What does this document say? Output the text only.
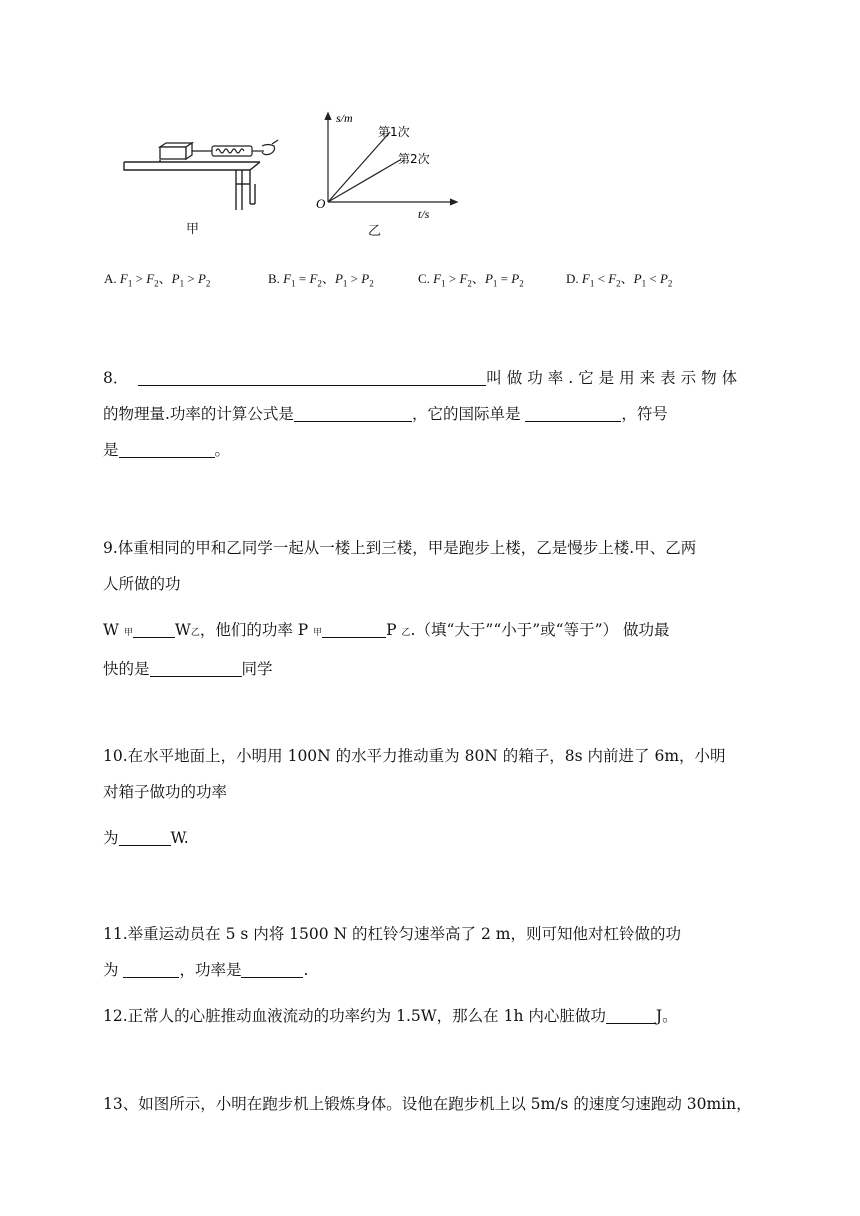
s/m
t/s
O
第1次
第2次
甲	乙
A. $F_1 > F_2$、$P_1 > P_2$	B. $F_1 = F_2$、$P_1 > P_2$	C. $F_1 > F_2$、$P_1 = P_2$	D. $F_1 < F_2$、$P_1 < P_2$
8．	叫做功率.它是用来表示物体
的物理量.功率的计算公式是	，它的国际单是	，符号
是	。
9.体重相同的甲和乙同学一起从一楼上到三楼，甲是跑步上楼，乙是慢步上楼.甲、乙两
人所做的功
W 甲	W乙，他们的功率 P 甲	P 乙.（填“大于”“小于”或“等于”） 做功最
快的是	同学
10.在水平地面上，小明用 100N 的水平力推动重为 80N 的箱子，8s 内前进了 6m，小明
对箱子做功的功率
为	W.
11.举重运动员在 5 s 内将 1500 N 的杠铃匀速举高了 2 m，则可知他对杠铃做的功
为	，功率是	.
12.正常人的心脏推动血液流动的功率约为 1.5W，那么在 1h 内心脏做功	J。
13、如图所示，小明在跑步机上锻炼身体。设他在跑步机上以 5m/s 的速度匀速跑动 30min，
